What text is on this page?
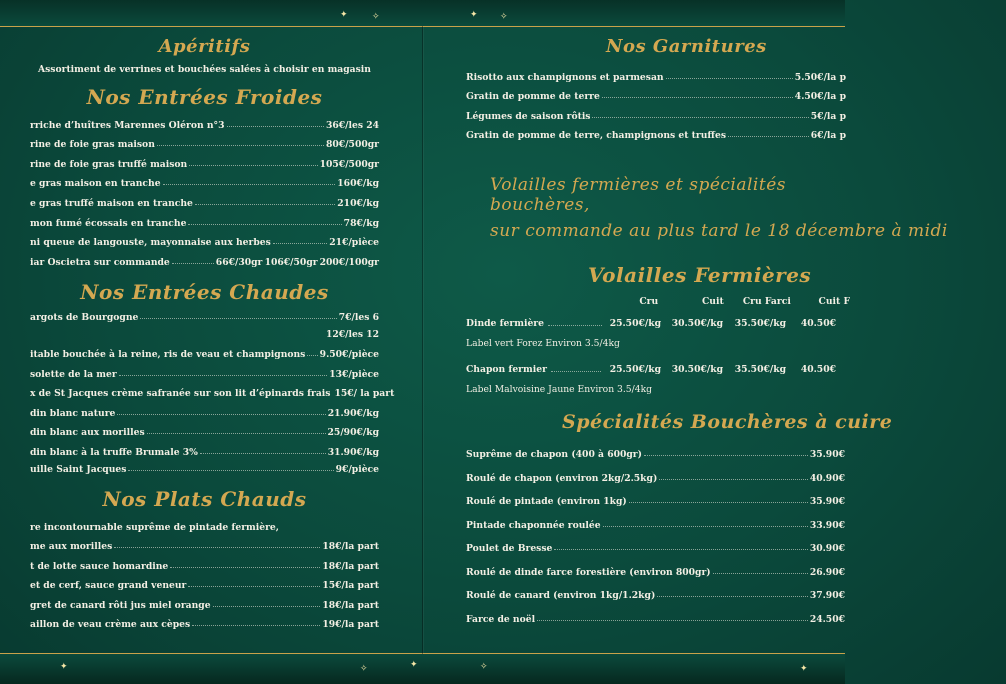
✦	✧	✦ ✧
✦	✧	✦	✧	✦
Apéritifs

Assortiment de verrines et bouchées salées à choisir en magasin

Nos Entrées Froides
rriche d’huîtres Marennes Oléron n°3	36€/les 24
rine de foie gras maison	80€/500gr
rine de foie gras truffé maison	105€/500gr
e gras maison en tranche	160€/kg
e gras truffé maison en tranche	210€/kg
mon fumé écossais en tranche	78€/kg
ni queue de langouste, mayonnaise aux herbes	21€/pièce
iar Oscietra sur commande	66€/30gr 106€/50gr 200€/100gr
Nos Entrées Chaudes
argots de Bourgogne	7€/les 6
12€/les 12
itable bouchée à la reine, ris de veau et champignons 9.50€/pièce
solette de la mer	13€/pièce
x de St Jacques crème safranée sur son lit d’épinards frais 15€/ la part
din blanc nature	21.90€/kg
din blanc aux morilles	25/90€/kg
din blanc à la truffe Brumale 3%	31.90€/kg
uille Saint Jacques	9€/pièce
Nos Plats Chauds
re incontournable suprême de pintade fermière,
me aux morilles	18€/la part
t de lotte sauce homardine	18€/la part
et de cerf, sauce grand veneur	15€/la part
gret de canard rôti jus miel orange	18€/la part
aillon de veau crème aux cèpes	19€/la part
Nos Garnitures
Risotto aux champignons et parmesan	5.50€/la p
Gratin de pomme de terre	4.50€/la p
Légumes de saison rôtis	5€/la p
Gratin de pomme de terre, champignons et truffes	6€/la p

Volailles fermières et spécialités bouchères,

sur commande au plus tard le 18 décembre à midi

Volailles Fermières
Cru	Cuit	Cru Farci	Cuit F
Dinde fermière	25.50€/kg	30.50€/kg	35.50€/kg	40.50€
Label vert Forez Environ 3.5/4kg
Chapon fermier	25.50€/kg	30.50€/kg	35.50€/kg	40.50€
Label Malvoisine Jaune Environ 3.5/4kg
Spécialités Bouchères à cuire
Suprême de chapon (400 à 600gr)	35.90€
Roulé de chapon (environ 2kg/2.5kg)	40.90€
Roulé de pintade (environ 1kg)	35.90€
Pintade chaponnée roulée	33.90€
Poulet de Bresse	30.90€
Roulé de dinde farce forestière (environ 800gr)	26.90€
Roulé de canard (environ 1kg/1.2kg)	37.90€
Farce de noël	24.50€
